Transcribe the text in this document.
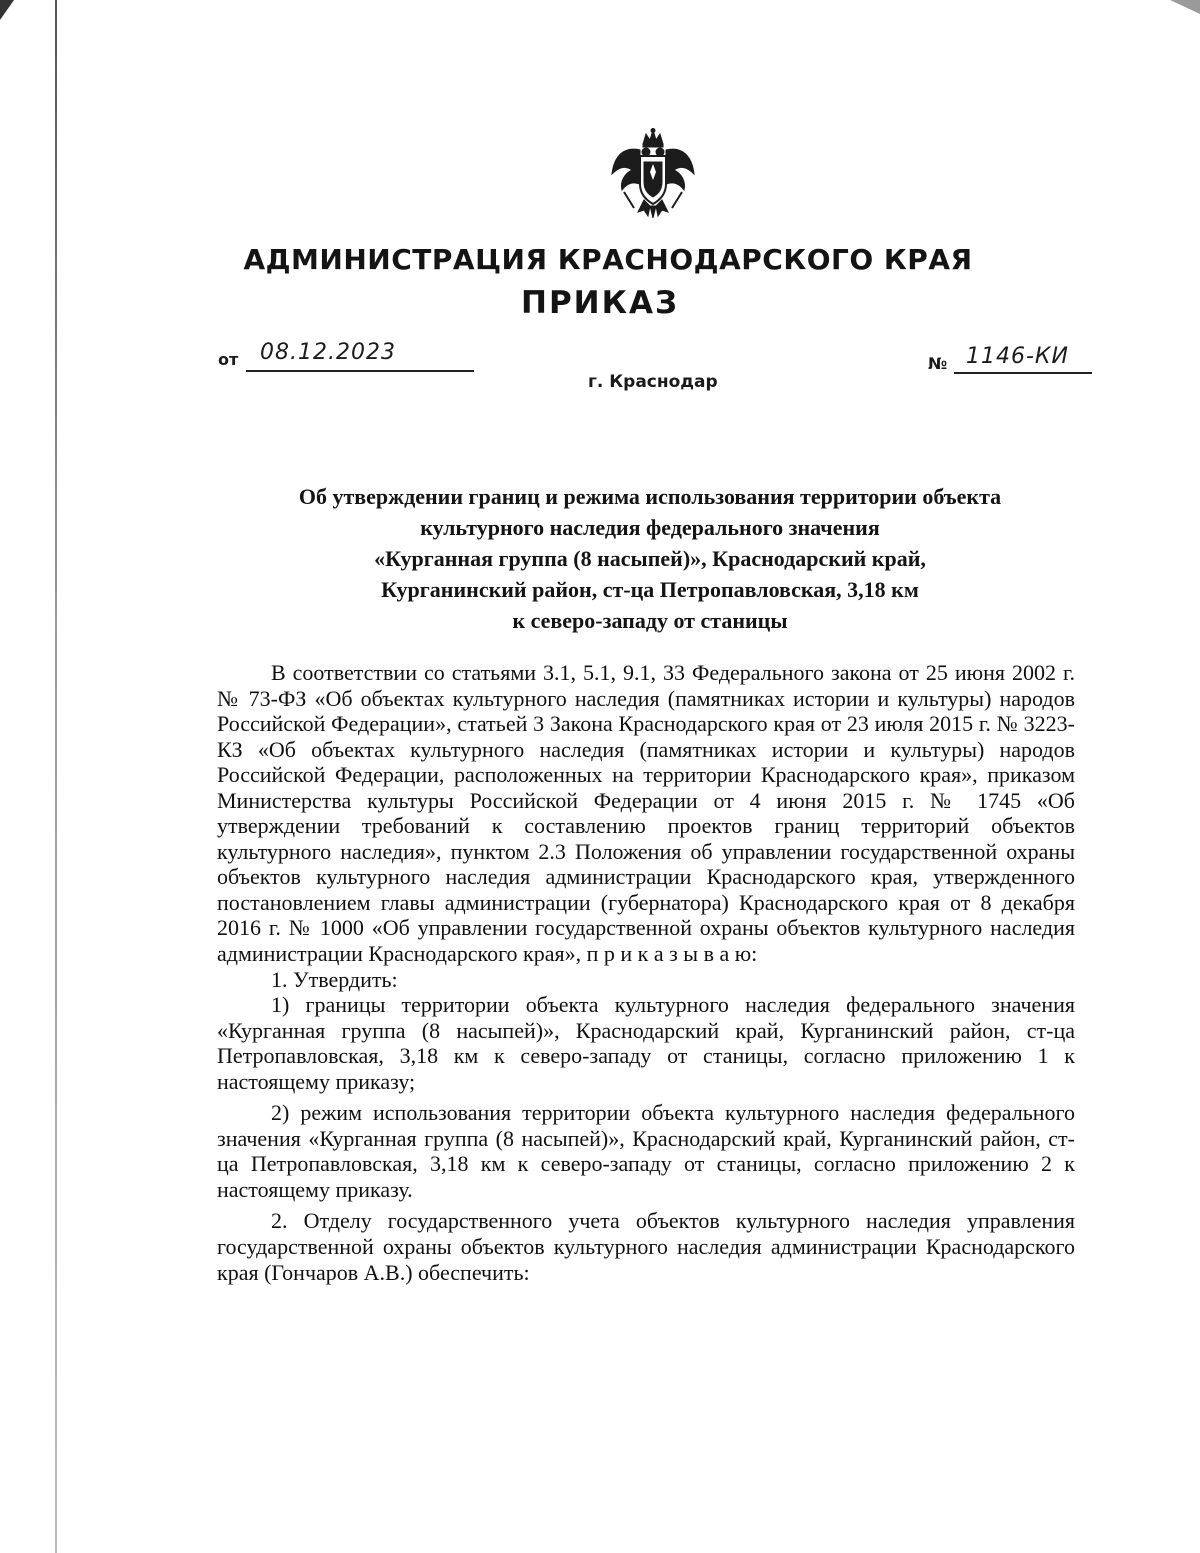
АДМИНИСТРАЦИЯ КРАСНОДАРСКОГО КРАЯ
ПРИКАЗ
от 08.12.2023	№ 1146-КИ
г. Краснодар
Об утверждении границ и режима использования территории объекта
культурного наследия федерального значения
«Курганная группа (8 насыпей)», Краснодарский край,
Курганинский район, ст-ца Петропавловская, 3,18 км
к северо-западу от станицы

В соответствии со статьями 3.1, 5.1, 9.1, 33 Федерального закона от 25 июня 2002 г. № 73-ФЗ «Об объектах культурного наследия (памятниках истории и культуры) народов Российской Федерации», статьей 3 Закона Краснодарского края от 23 июля 2015 г. № 3223-КЗ «Об объектах культурного наследия (памятниках истории и культуры) народов Российской Федерации, расположенных на территории Краснодарского края», приказом Министерства культуры Российской Федерации от 4 июня 2015 г. № 1745 «Об утверждении требований к составлению проектов границ территорий объектов культурного наследия», пунктом 2.3 Положения об управлении государственной охраны объектов культурного наследия администрации Краснодарского края, утвержденного постановлением главы администрации (губернатора) Краснодарского края от 8 декабря 2016 г. № 1000 «Об управлении государственной охраны объектов культурного наследия администрации Краснодарского края», п р и к а з ы в а ю:

1. Утвердить:

1) границы территории объекта культурного наследия федерального значения «Курганная группа (8 насыпей)», Краснодарский край, Курганинский район, ст-ца Петропавловская, 3,18 км к северо-западу от станицы, согласно приложению 1 к настоящему приказу;

2) режим использования территории объекта культурного наследия федерального значения «Курганная группа (8 насыпей)», Краснодарский край, Курганинский район, ст-ца Петропавловская, 3,18 км к северо-западу от станицы, согласно приложению 2 к настоящему приказу.

2. Отделу государственного учета объектов культурного наследия управления государственной охраны объектов культурного наследия администрации Краснодарского края (Гончаров А.В.) обеспечить:
